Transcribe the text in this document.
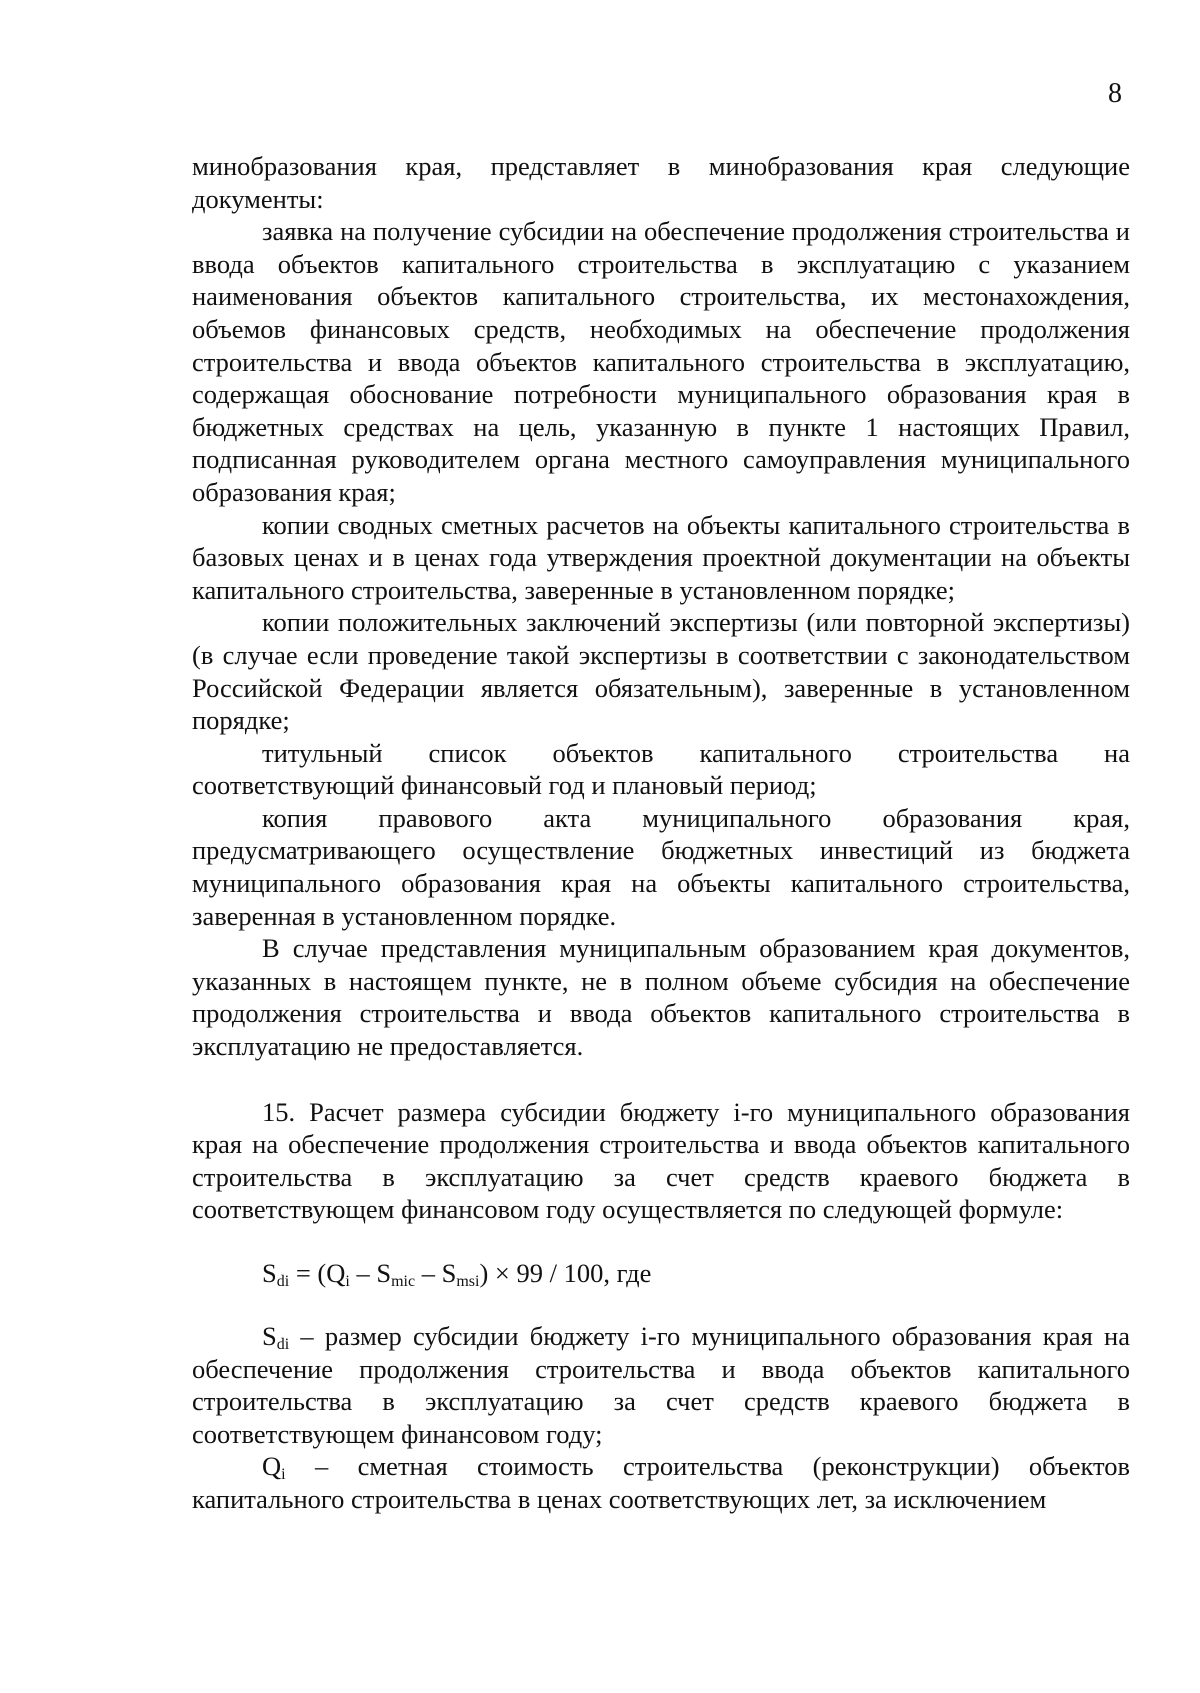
8

минобразования края, представляет в минобразования края следующие документы:

заявка на получение субсидии на обеспечение продолжения строительства и ввода объектов капитального строительства в эксплуатацию с указанием наименования объектов капитального строительства, их местонахождения, объемов финансовых средств, необходимых на обеспечение продолжения строительства и ввода объектов капитального строительства в эксплуатацию, содержащая обоснование потребности муниципального образования края в бюджетных средствах на цель, указанную в пункте 1 настоящих Правил, подписанная руководителем органа местного самоуправления муниципального образования края;

копии сводных сметных расчетов на объекты капитального строительства в базовых ценах и в ценах года утверждения проектной документации на объекты капитального строительства, заверенные в установленном порядке;

копии положительных заключений экспертизы (или повторной экспертизы) (в случае если проведение такой экспертизы в соответствии с законодательством Российской Федерации является обязательным), заверенные в установленном порядке;

титульный список объектов капитального строительства на соответствующий финансовый год и плановый период;

копия правового акта муниципального образования края, предусматривающего осуществление бюджетных инвестиций из бюджета муниципального образования края на объекты капитального строительства, заверенная в установленном порядке.

В случае представления муниципальным образованием края документов, указанных в настоящем пункте, не в полном объеме субсидия на обеспечение продолжения строительства и ввода объектов капитального строительства в эксплуатацию не предоставляется.

15. Расчет размера субсидии бюджету i-го муниципального образования края на обеспечение продолжения строительства и ввода объектов капитального строительства в эксплуатацию за счет средств краевого бюджета в соответствующем финансовом году осуществляется по следующей формуле:

$S_{di} = (Q_i - S_{mic} - S_{msi}) \times 99 / 100$, где

$S_{di}$ – размер субсидии бюджету i-го муниципального образования края на обеспечение продолжения строительства и ввода объектов капитального строительства в эксплуатацию за счет средств краевого бюджета в соответствующем финансовом году;

$Q_i$ – сметная стоимость строительства (реконструкции) объектов капитального строительства в ценах соответствующих лет, за исключением
